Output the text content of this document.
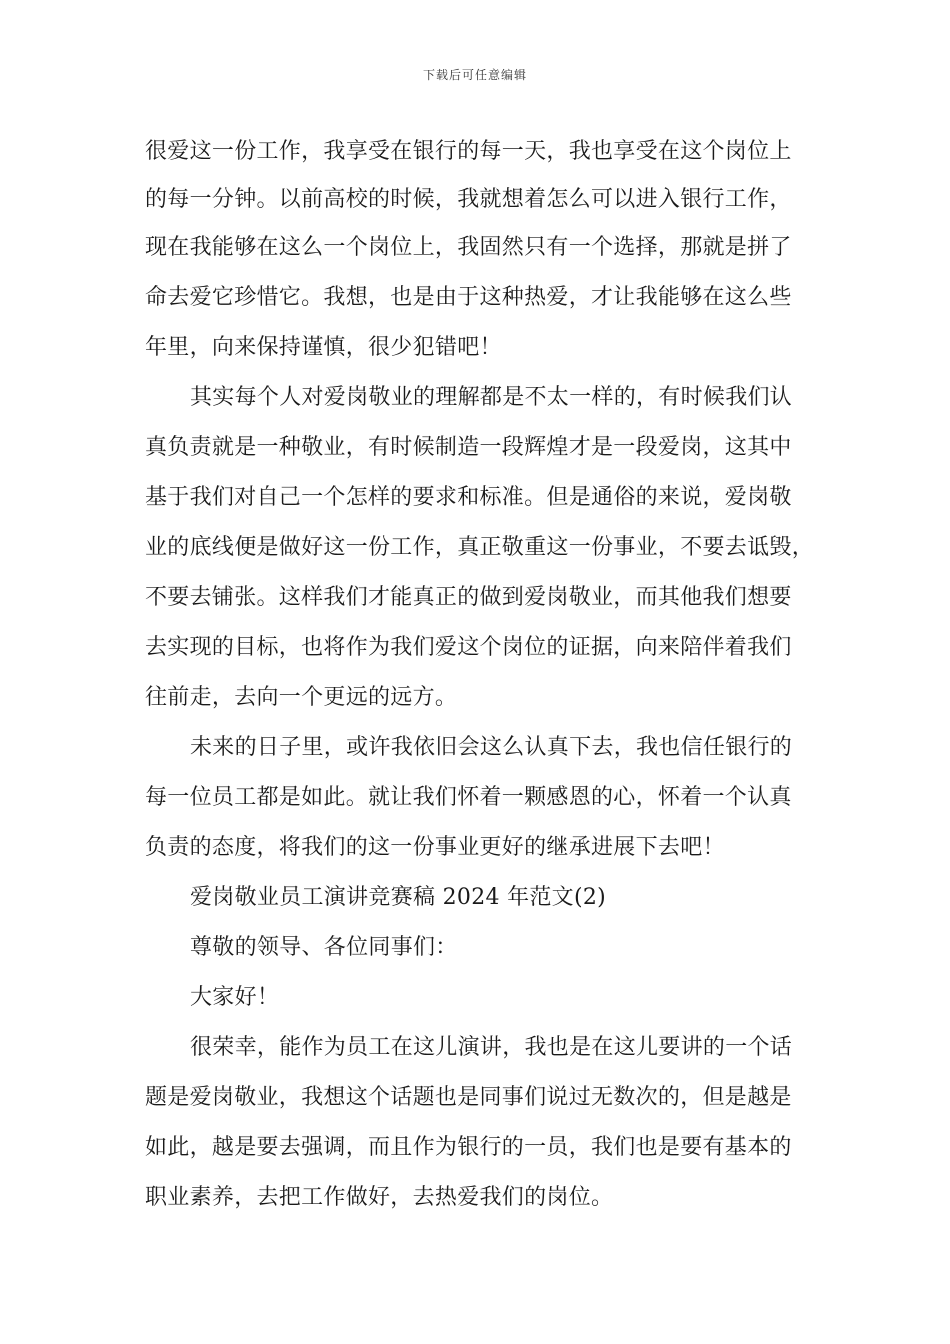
下载后可任意编辑
很爱这一份工作，我享受在银行的每一天，我也享受在这个岗位上
的每一分钟。以前高校的时候，我就想着怎么可以进入银行工作，
现在我能够在这么一个岗位上，我固然只有一个选择，那就是拼了
命去爱它珍惜它。我想，也是由于这种热爱，才让我能够在这么些
年里，向来保持谨慎，很少犯错吧！
其实每个人对爱岗敬业的理解都是不太一样的，有时候我们认
真负责就是一种敬业，有时候制造一段辉煌才是一段爱岗，这其中
基于我们对自己一个怎样的要求和标准。但是通俗的来说，爱岗敬
业的底线便是做好这一份工作，真正敬重这一份事业，不要去诋毁，
不要去铺张。这样我们才能真正的做到爱岗敬业，而其他我们想要
去实现的目标，也将作为我们爱这个岗位的证据，向来陪伴着我们
往前走，去向一个更远的远方。
未来的日子里，或许我依旧会这么认真下去，我也信任银行的
每一位员工都是如此。就让我们怀着一颗感恩的心，怀着一个认真
负责的态度，将我们的这一份事业更好的继承进展下去吧！
爱岗敬业员工演讲竞赛稿 2024 年范文(2)
尊敬的领导、各位同事们：
大家好！
很荣幸，能作为员工在这儿演讲，我也是在这儿要讲的一个话
题是爱岗敬业，我想这个话题也是同事们说过无数次的，但是越是
如此，越是要去强调，而且作为银行的一员，我们也是要有基本的
职业素养，去把工作做好，去热爱我们的岗位。
